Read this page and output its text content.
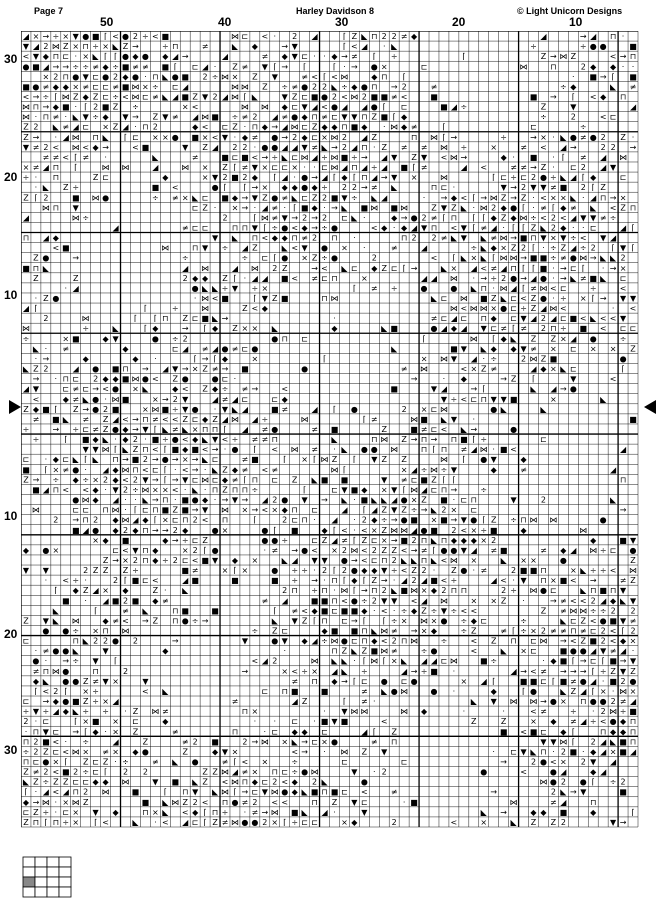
Page 7	Harley Davidson 8	© Light Unicorn Designs
50	40	30	20	10
30
20
10
10
20
30
◢ × → ÷ × ▼ ● ■ ⌈ < ● 2 ÷ < ■	⋈ ⊏ < · 2 ◢	⌈ Z ◣ ⊓ 2 2 ≠ ◆	◢	→ ◢ ⊓ ·
▼ ◢ 2 ⋈ Z × ⊓ ÷ × ◣ Z →	÷ ⊓	≠	◣ ◆	→ ▼	⌈ < ◢ · ◣	÷	÷ ● ●	■
< ▼ ◆ ⊓ ⊏ · × ◣ ⌈ ⌈ ● ◆ ● ◆ ◢ →	◢	≠ ◆ ▼ ⊏ · · ◆ → ≠ ⌈ ÷	⌈	Z → ⋈ Z	< → ⊓
● ■ ◢ → → ÷ ÷ ≠ ◆ ÷ ■ ≠ ≠ ■ ⌈ ⊏ ◢ · Z ≠ ▼ ⌈ → ⌈	⌈ · → ● ×	⊏	⋈	⊓	2 ◆ ◆ · ·
× 2 ⊓ ● ▼ ⊏ ● 2 ◆ ● · ⊓ ◣ ● ■ 2 ÷ ⋈ × Z ▼	≠ < ⌈ < ⋈	◆ ⊓ ⌈	· ■ → ⌈ ■
■ ● ≠ ◆ ◆ × ≠ ⊏ ⊏ ≠ ■ ⋈ × ÷ ⊏ ◢	⋈ ⋈ Z ÷ ≠ ● 2 2 ◣ ÷ ◆ ● ⊓ → 2	≠	÷ ◆	◣ ≠
< → ÷ ⌈ ⋈ Z ◆ Z ⊏ ÷ < ⋈ ⊏ ≠ ◣ ◢ ■ Z ▼ 2 ◢ ⋈ ⌈ ◣	▼ Z ⊏ ■ ● 2 < ⋈ 2 ■ ■ ≠ <	■	■ → ⌈ < ◆ ⊓
⋈ ⊓ → ◆ ■ · ⌈ 2 ■ Z ÷	× <	⋈ ⋈ ◆ ⊏ ▼ ◢ < ● ◢ ◢ ● ⌈ ⊏	■ ◢ ÷	Z	▼	◢
⋈ · ⊓ ≠ · ◣ ▼ ÷ ◆ ▼ → Z ▼ ≠ ◢ ⋈ ■ ÷ ≠ 2 ◢ ≠ ● ◆ ⊓ ≠ ⊏ ▼ ▼ ⊓ Z ■ ⌈ ◆	÷	2	< ⊏
Z 2 ◣ ≠ ◢ ⊏ × Z ◢ · ⊓ 2	◆ < ⊏ Z · ⊓ ◆ → ◢ ⋈ ⊏ Z ◆ ◆ ⊓ ■ ◆ · ⋈ ◆ ≠	⌈	⊏	÷
Z → · ◢ ⋈ ⊓ ◣ ⌈ ⊏ × × ● ■ × < ▼ · ◆ ≠ ● → 2 ◆ ⊏ × ⋈ 2 ◢ Z	⊓ ⋈ ⌈ →	÷	→ × · ◣ ● ≠ ● 2 Z ·
▼ ≠ 2 < ⋈ < ◆ →	< ■	▼ Z ◢ 2 2 · ● ● ◢ ◢ ▼ ≠ ◣ → 2 ◢ ⊓ · Z ≠ ≠ ⋈ ÷	×	≠ < ◢ →	2 2 →
≠ ≠ < ⌈ ≠ ·	◣	≠	■ ⊏ ■ < → ÷ ◣ ⊏ ⋈ ◢ ÷ ⋈ ■ ÷ → ◢ ▼ Z ▼ < ⋈ →	◆ · ■ · ⌈ ≠ ◢ ⋈
× ≠ ◢ ⊓ ⌈	⋈ ⋈	◢	⋈ × Z ⌈ ≠ ▼ × ⊏ ⊏ × · · ⊏ ⋈ ◢ ⊓ ◢ ÷ ◢ ■ ⌈ ≠	◢ <	≠ ≠ → Z · ⊏ 2 ◢ ▼
÷ · ⊓	Z ⊏	◆	× ▼ 2 ■ 2 ◆ ⌈ ◢ · ● → ◢ ⌈ ◆ ⌈ ⊓ ◢ → ▼ ×	⋈	⌈ ⊏ ÷ ⊏ 2 ● ÷ ◣ ◢ ⌈ ◆	⊏
· ◣ Z ÷	■ <	● ⌈ ⌈ → × ◆ ◆ ● ◆ ÷ 2 2 → ≠ ◣	⊓ ⊏ ·	▼ → 2 ▼ ▼ ≠ ■ 2 ⌈ Z
Z ⌈ 2	■ ⋈ ●	÷ ≠ × ◣ ⊏ ■ ◆ → ▼ Z ● ≠ ◣ ⊏ Z 2 ■ ▼ ÷ ◣ ◢	· → ◆ < ⌈ → ⋈ Z → Z · < × × ◣ · ◢ ⊓ → ×
⋈ ⊓ ▼	⊏ Z · × → · ◢ ≠ · ⌈ ■ ◆ · → ◣ ■ ⋈ ■ ⋈	Z ▼ Z ◣ · ⋈ 2 ◆ ● ⌈ · ≠ ⌈ ◆ ≠ ◣ < Z ⊓
◢	⋈ ÷	2	⌈ ⋈ ≠ ▼ → 2 → 2 ⊏ ◣ ·	◆ → ● 2 ≠ ⌈ ⊓ ⌈ ⌈ ◆ Z ◆ ⋈ ÷ < 2 < ◢ ▼ ▼ ≠ ÷
◢	≠ ⊏ ⊏	⊓ ⊓ ▼ ⌈ ÷ ● < ◆ → ÷ ●	< ◆ · ◆ ◢ ▼ ⊓ < ▼ ⌈ ≠ ◢ · ⌈ ⌈ Z ◣ 2 ◆ · · ⊏	◢ ⌈
⊓ ◢ ◆	▼ ◣ ⊓ < ◆ ◆ ⊓ ≠ 2 ⊓ ·	⊓ 2 2 ≠ ◣ ▼ ◣ ≠ ⋈ → ■ ⊓ ▼ × ▼ ÷ < ▼ ◢
< ■	⋈	⊓ ▼ ÷ ◢ Z	◣ < ▼ ● × ·	≠	◢	÷ ◣ ◆ × Z 2 ⌈ · ÷ Z ◢ ÷ 2 ⌈ ▼ ⌈
Z ●	→	÷	÷ ⊏ ⌈ ● × Z ÷ ●	2	< ⌈ ◣ × ◣ ⌈ ⋈ ⋈ → ■ ■ ÷ ≠ ● ⋈ → ◣ ◣ 2
■ ⊓ ◣	◢ ⋈	◢ ⋈ 2 Z	→ < ◣ ⊏ ◆ Z ⊏ ⌈ →	◣ × ◢ < ≠ ◢ ⊓ ⌈ ⌈ ■ · → ⊏ ⌈ · → ×
Z	Z	2 ◆ ◆ Z ⌈ · ◢ ◢ ■ < ≠ ⊏ ⊓	×	◢ ◢ ⋈ · → ÷ 2 ● → ◢ ● · → ◣ ≠ ■ ◣ ⊏
· ◢	● ◣ ◣ ÷ ▼ ÷ ×	⌈ ≠ ÷	●	● ◣ ⊓ · ⋈ ◢ ⌈ ≠ ⋈ < ⊏	÷	<
· Z ●	· ⋈ < ■	⌈ ▼ Z ■	⊓ ⋈	◣ ⊏ ⋈ ■ Z ◣ ⊏ < Z ● · ÷ × ⌈ → ▼ ▼
◢ ⌈	⌈	÷	⋈	Z < ◆	⋈ < ⋈ ⋈ × ● ⊏ ÷ Z ◢ ⋈ <	· <
2	⋈	⌈ ⌈ ⊓ Z ⊏ ■ ◣ →	·	≠ ⊏ ◢ ⊏ ⊓ ◆ ⊏ ▼ ◢ 2 ◢ ⊏ ■ < ◣ < < ▼
⋈	÷	◣	⌈ ◆	→ ⌈ ◆ Z × × ◣	◆	◣ ■	● ◢ ◆ ◢ ▼ ⊏ ≠ ⌈ ≠ 2 ⊓ ÷ ■ < ⊏ ⊏
÷	× ■	◆ ▼	● ÷ 2	● ⊓ ⊏	⌈	⋈ ⌈ ◆ ◣ Z Z × ◢ ●	÷
◣ · ≠	◆	⊏ ◢ ≠ ◢ ● ≠ ⊏ ●	◣	■ ▼ ◣ ◆ ◆ ▼ ≠ × ⊏ × × Z
· →	◆	◆ ·	⌈ → ⌈ ◆	×	⌈	× ⋈ ▼ ◢ · ÷	2 ⋈ Z ■	●
◣ Z 2	◢ ● ■ ⊓ → ◢ ▼ → × Z ≠ → ■	●	≠ ⋈	< × Z ≠	◢ ◆ × ◣ ⊏	⌈
→ · ⊓ ⊏ 2 ◆ ◆ ■ ⋈ ● < Z ●	● ⊏ ·	→	· ◆	→ Z ⌈	▼	<
◢ ▼	⊏ ≠ ⊏ → < ● × ◣	◆ < Z ◆ ÷ ≠ →	<	■	▼ ◢	→ ⌈	◣ ◢ → ●
<	◆ ≠ ◣ ● · ⋈ ■	× → 2 ▼	◢ ≠ ◢ ⊏	⊏ ◆	▼ ÷ < ⊏ ⊓ ▼ ▼ ■	×	◣
Z ◆ ■ ⌈ Z → ● 2 ■	× ⋈ ■ ÷ ▼ ● · ▼ ◣ ◢	■ ≠	◢ ⌈ ●	2 × ⊏ ⋈	● ◣	◣
≠ ■ ◣ ≠ Z ◢ < → ⊓ ≠ < < Z ⊏ ◆ Z ◢ ⋈ ◢ ÷	⋈	⌈ ≠	⋈ ■ ◣ ▼ ·	■
÷	→ ÷ ⊏ ≠ Z ● ◆ → ▼ ⌈ ◣ ≠ ◣ × ⊓ ⊓ ⌈ ◢ ≠ ●	≠ ■	Z	■ ≠ ⊏ < ◣ →	●
÷	⌈ ■ ◆ ◣ · ◆ 2 · ■ ÷ ● < ◆ ◣ ▼ < ÷ ≠ ≠ ⊓	◣	⊓ ⋈ Z → ⊓ → ⊓ ■ ⌈ ÷	⊏
▼ ▼ ⋈ ⌈ ◣ Z ⊓ < ⌈ ■ ◆ ■ < → · ● ⌈ < ⋈ ≠ · ◣ ● ● ⋈	⊓ ⌈ ⊓ ≠ ◢ ⋈ · ■ <	◢
⊏ · ◆ ⊏ ◣ ⌈ ◣ ⊓ → ■ 2 → ● → × → ◣ ⊏	≠ ■	⌈ × ⌈ ⋈ Z ⌈ ▼ Z Z	⋈ ⌈ ● ▼	◆
■ ⌈ × ≠ ● · ◢ ◆ ⋈ ⊓ < ⊏ ⌈ · < → · ◣ Z ◆ ≠ < ≠	⋈ ⌈	× ◢ ÷ ⋈ ÷ ▼	◆	≠	◢
Z → ÷ ◆ ÷ × 2 ◆ < 2 ▼ → ⌈ → ▼ ⊏ ⋈ ⊏ ◆ ≠ ⌈ ⊓ ⊏ Z ◣ ■ ■	▼ ≠ ⊏ ■ Z ⌈ ⌈	⊓
■ ◢ ⊓ < < ◆ · ▼ 2 ÷ ⋈ × × < · ◣ · ⊓ Z ⊓ ⊓ ÷	⌈	⊏ ▼ ■ ◆ × ▼ ⌈ ⋈ ◢ ⊏ ⊓ →	÷
● ⋈ ◆ ◢ · · ◣ → ⊓ · ■ ● ◆ · → ▼ → ◢ 2 ● ▼ → ◣ · ■ ◣ ◣ ◢ ● × Z ■ · ⊏ ⊓	▼	2	◣
⋈	⊏ ⊏ ⊓ ⋈ · ⌈ ⊏ ⊓ ■ Z ■ → ▼ ⋈ × → < × ◆ ⊓ ⊏	◢ ⌈ ◢ Z ▼ Z ÷ → ◣ 2 × ⊏	→
2 → ⊓ 2 ◆ ⋈ ◢ ◆ ⌈ × ⊏ ⊓ 2 < ⊓	⌈	2 ⊏ ⊓ · ◢ · 2 ◆ ÷ → ● ■ × ■ → ▼ ● ⌈ Z ÷ ⊓ ⋈ ⋈	●
■ ◢ ● ◆ 2 ◆ ⊓ → → 2 ◆	● ×	● ⌈ ■	◆ ⌈ < · < × Z ⋈ ⋈ ◢ ● ■ 2 < × ÷ ■	◆	⋈
× ◆ ■	◆ → ÷ ⊏ Z	● ● ÷	⊏ Z ◢ ≠ ⌈ Z ⊏ × → ■ 2 ⊓ ◣ ⊓ ◆ ◆ ◆ × 2	◆	■ ▼
◆ ● ×	⊏ < ▼ ⊓ ◆	× 2 ⌈ ●	· ≠ → ● < × 2 ⋈ < 2 Z Z < → ≠ ⌈ ● ● ▼ ◢ ≠ ■	≠ ◆ ◢ ⋈ ÷ ⊏ ●
Z → × 2 ⊓ ◆ ÷ 2 ⊏ < ■ ▼ ◆ ×	◣ ◢ ▼ ▼ ● → < ⊏ ⊓ 2 ◣ ◣ ⊓ ◣ < ⋈ ×	◣ × ×	●	Z
▼ ▼	2 Z Z Z ÷	■ ≠	× ⌈ ×	● ÷ ÷ · 2 ⌈ 2 ● ◆ ◆ ▼ ÷ < Z 2 · Z ● · ≠	2 ■ ■ ⊓	× ◣ ÷ ÷ < ⋈
· < ÷ ·	2 ⌈ ■ ⊏ <	◢ ■	■	■ ÷ → · ⊓ ⌈ ◆ ⌈ Z → · ◢ 2 ◢ ■ < ÷	◢ < · ▼ ⊓ × ■ < →	≠ Z
⌈ ◆ Z ◢ × ◆	Z · ◣	2 ⊓ ÷ ⊓ · ⋈ ⌈ → ⊓ 2 ◣ ■ ⋈ × ◆ 2 ⊓ ⊓	2 ÷ ⋈ ● ⊏	◣ ⊓ ■ ⊓ ▼
■ · ◢ ■ 2 ■ ◆ ≠	≠ ◢	■ ■ ⊓ < ● ÷ 2 ▼ ▼ < ◢ ⋈	× × Z ·	→ ≠ < < 2 ◢ ◆ ◣ ▼
◣	⌈	≠ ◣	⊓ ■	■	⌈ ≠ < ◆ ■ ⊏ ■ ■ ◆ · < · ÷ ◆ Z ÷ ▼ ÷ < <	Z ≠ ⋈ ⋈ ÷ ÷ 2 2
Z ▼ ◣ ⋈	◆ ≠ < → Z ⊓ ● ÷ →	◣ ▼ Z ⌈ ⊓ ⊏ → ⌈ ⌈ ÷ × ⋈ × ● ÷ ◆ ⊏	÷	◣ ⊏ Z < ● ■ ▼ ≠
● ● ÷ × ⊓ ⋈	÷ Z ⊏	◆ ■ ■ ⊓ ◣ ⋈ ≠ → × ◆	÷ Z	≠ ⌈ ÷ × 2 ≠ ≠ ⊓ ≠ ⊏ 2 < ⌈ 2
⊏	⊓ ◣ 2 2 ● 2	→	▼	● ▼ ◆ ◢ ÷ ⋈ ● ⊏ ⊓ ◆ < 2 ⊓ ⋈	÷	< Z ⊓ ⊏ ⋈ → < Z ■ 2 < ◆ ×
· ≠ ● ● ◣	▼	◆	·	⊓ Z ◣ Z ■ ⋈ ≠	÷ ●	<	◣ × ⊏	■ ● ● ◢ ▼ ≠ ◢ ·
● · → ÷ ▼ ⌈	< ◢ 2	⋈ ◣ ◣ · ⌈ ⋈ ⌈ × ◣ ◢ ◢ ⊏ ⋈	■ ÷	· ◆ ■ ⌈ → ⊏ ⌈ ■ → ▼
≠ ⊓ ⋈ ●	⊓	2	→	× < ÷ × ◢ ◣ ÷	◢ → ÷ ■ ·	◢ → < ≠ → → → ⌈ ÷ Z ▼ Z
◆ ◣ ● ● Z ≠ ▼ ×	▼	≠ ⊓ ◆ → ⌈ ⊏ ● ⊏ ●	× ◢ ⌈	■ ■ ⊏ ⌈ ■ ≠ ● ◢ · ■ 2 ●
⌈ < 2 ⌈ × ÷	< ◣	⊏ ⊓ ■	■	≠ ◣ ● ⋈	● ·	◆	⌈ ●	◣ Z ◢ ⌈ × · ⋈ ×
⊏ → ◆ ● ■ Z ÷ × ◢	≠	◢ Z	⌈ ≠ ·	◣ ▼ ⋈ ⋈ → ● × ⊓ ● ● 2 ≠ ◢
÷ ▼ ÷ ◢ ◆ ◣ ÷ ÷ · Z ⋈ ≠	⊓ ×	· ▼ ⋈ ⋈	⋈ ◆	·	·	< ≠	÷ · 2 ⋈ ÷ ■
2 · ⊏	⌈ × ■ × ⊏	◆	· · ⊏ · ■ ▼ ■	<	Z	Z	× ◆ ≠ ◢ ÷ < ● ◆ ⊓
· ⊓ ▼ ⊏ → ⌈ ◆ · × Z	≠	⊓	· ⊏ ◆ ◆ ⊏	◢ ⌈ Z	■ < ■ ⊏ ◆ ⌈	⊓ ◆ ◆ ⊓
⊓ 2 ■ < · ÷	◢	Z	≠ 2 ■	2 → ⋈ × ◣ → ⊏ × ●	≠ ⊓	▼ ▼ ⋈ ⌈ 2 ◢ ◣ ■ ⊓
÷ 2 Z ⊏ < ⋈ × ≠ × ◆ ●	Z	◆ ▼ ×	< → · ⋈ Z ▼	· ⊏ ▼ ◣ ⊓ · 2 ■ · ◆ ◢ × ■ ◢
⊓ ⊏ ● × ⌈ Z ⊏ Z · ÷	≠ ◣ ●	≠ ⌈ < ×	÷	⊏	⊏	→	2 ● < × 2 ▼ ◢
Z ≠ 2 < ■ 2 ÷ ⊏ ⌈ 2 2	Z Z ⋈ ◢ ≠ × ⊓ ⊏ ÷ ● ⋈	▼ · 2	●	<	● ◢	◆ ◢
◣ Z ÷ Z Z ⊏ ⊏ ◆ ◆ ⋈	▼ ■ ◣ Z < ⋈ ⊓ ◆ ⊏ 2 < ◆ 2 ◣	●	⋈ ● 2 ● ⌈ ÷ 2
⌈ · ◢ < ◢ ⊓ 2 ⋈	■	⌈ ⊓ ▼ ◣ ⋈ ⌈ → ⊏ ▼ ⋈ ● ◆ ◣ ■ ⊓ ■ ⊏ <	≠	→	2 ◣ → ▼	■
◆ → ⋈ · × ⋈ Z	■ ◣ ⋈ Z 2 < ⊓ ● ≠ 2 < <	⊓ Z ▼ ⊏	· ■	⋈	≠ ◢	⊓
⊏ Z ÷ · ⊏ × ▼ ◆	⊓ × ◣ < ◆ ⌈ ⊓ ÷ · ≠ → ⋈ ■ ◣ ◢ ·	▼	◣ →	◆ ◆ ■	◆	⌈
Z ⊓ ⌈ ⊓ ÷ × ⌈ <	◣ · < ◢ ⊏ ⌈ Z ≠ ⋈ ● ● 2 × ⌈ ÷ ⊏ ⊏	× ◆	2	<	×	◣ Z Z 2	▼ →
